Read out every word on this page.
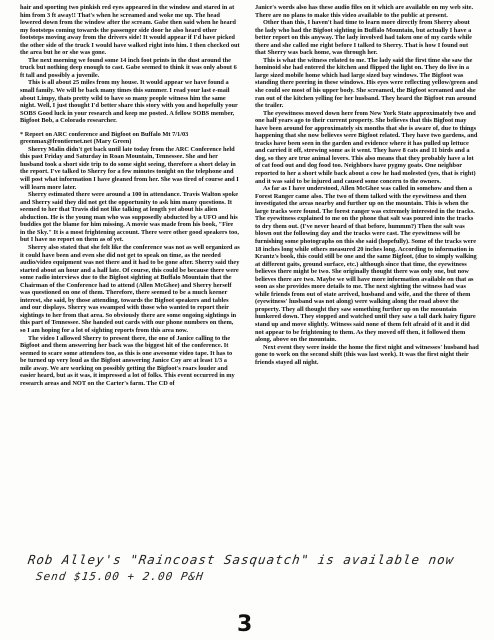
hair and sporting two pinkish red eyes appeared in the window and stared in at him from 3 ft away!! That's when he screamed and woke me up. The head lowered down from the window after the scream. Gabe then said when he heard my footsteps coming towards the passenger side door he also heard other footsteps moving away from the drivers side! It would appear if I'd have picked the other side of the truck I would have walked right into him. I then checked out the area but he or she was gone.

The next morning we found some 14 inch foot prints in the dust around the truck but nothing deep enough to cast. Gabe seemed to think it was only about 6 ft tall and possibly a juvenile.

This is all about 25 miles from my house. It would appear we have found a small family. We will be back many times this summer. I read your last e-mail about Limpy, thats pretty wild to have so many people witness him the same night. Well, I just thought I'd better share this story with you and hopefully your SOBS Good luck in your research and keep me posted. A fellow SOBS member, Bigfoot Bob, a Colorado researcher.

* Report on ARC conference and Bigfoot on Buffalo Mt 7/1/03 greenmax@frontiernet.net (Mary Green)

Sherry Malin didn't get back until late today from the ARC Conference held this past Friday and Saturday in Roan Mountain, Tennessee. She and her husband took a short side trip to do some sight seeing, therefore a short delay in the report. I've talked to Sherry for a few minutes tonight on the telephone and will post what information I have gleaned from her. She was tired of course and I will learn more later.

Sherry estimated there were around a 100 in attendance. Travis Walton spoke and Sherry said they did not get the opportunity to ask him many questions. It seemed to her that Travis did not like talking at length yet about his alien abduction. He is the young man who was supposedly abducted by a UFO and his buddies got the blame for him missing. A movie was made from his book, "Fire in the Sky." It is a most frightening account. There were other good speakers too, but I have no report on them as of yet.

Sherry also stated that she felt like the conference was not as well organized as it could have been and even she did not get to speak on time, as the needed audio/video equipment was not there and it had to be gone after. Sherry said they started about an hour and a half late. Of course, this could be because there were some radio interviews due to the Bigfoot sighting at Buffalo Mountain that the Chairman of the Conference had to attend (Allen McGhee) and Sherry herself was questioned on one of them. Therefore, there seemed to be a much keener interest, she said, by those attending, towards the Bigfoot speakers and tables and our displays. Sherry was swamped with those who wanted to report their sightings to her from that area. So obviously there are some ongoing sightings in this part of Tennessee. She handed out cards with our phone numbers on them, so I am hoping for a lot of sighting reports from this area now.

The video I allowed Sherry to present there, the one of Janice calling to the Bigfoot and them answering her back was the biggest hit of the conference. It seemed to scare some attendees too, as this is one awesome video tape. It has to be turned up very loud as the Bigfoot answering Janice Coy are at least 1/3 a mile away. We are working on possibly getting the Bigfoot's roars louder and easier heard, but as it was, it impressed a lot of folks. This event occurred in my research areas and NOT on the Carter's farm. The CD of

Janice's words also has these audio files on it which are available on my web site. There are no plans to make this video available to the public at present.

Other than this, I haven't had time to learn more directly from Sherry about the lady who had the Bigfoot sighting in Buffalo Mountain, but actually I have a better report on this anyway. The lady involved had taken one of my cards while there and she called me right before I talked to Sherry. That is how I found out that Sherry was back home, was through her.

This is what the witness related to me. The lady said the first time she saw the hominoid she had entered the kitchen and flipped the light on. They do live in a large sized mobile home which had large sized bay windows. The Bigfoot was standing there peering in these windows. His eyes were reflecting yellow/green and she could see most of his upper body. She screamed, the Bigfoot screamed and she ran out of the kitchen yelling for her husband. They heard the Bigfoot run around the trailer.

The eyewitness moved down here from New York State approximately two and one half years ago to their current property. She believes that this Bigfoot may have been around for approximately six months that she is aware of, due to things happening that she now believes were Bigfoot related. They have two gardens, and tracks have been seen in the garden and evidence where it has pulled up lettuce and carried it off, strewing some as it went. They have 8 cats and 11 birds and a dog, so they are true animal lovers. This also means that they probably have a lot of cat food out and dog food too. Neighbors have pygmy goats. One neighbor reported to her a short while back about a cow he had molested (yes, that is right) and it was said to be injured and caused some concern to the owners.

As far as I have understood, Allen McGhee was called in somehow and then a Forest Ranger came also. The two of them talked with the eyewitness and then investigated the areas nearby and further up on the mountain. This is when the large tracks were found. The forest ranger was extremely interested in the tracks. The eyewitness explained to me on the phone that salt was poured into the tracks to dry them out. (I've never heard of that before, hummm?) Then the salt was blown out the following day and the tracks were cast. The eyewitness will be furnishing some photographs on this she said (hopefully). Some of the tracks were 18 inches long while others measured 20 inches long. According to information in Krantz's book, this could still be one and the same Bigfoot, (due to simply walking at different gaits, ground surface, etc.) although since that time, the eyewitness believes there might be two. She originally thought there was only one, but now believes there are two. Maybe we will have more information available on that as soon as she provides more details to me. The next sighting the witness had was while friends from out of state arrived, husband and wife, and the three of them (eyewitness' husband was not along) were walking along the road above the property. They all thought they saw something further up on the mountain hunkered down. They stopped and watched until they saw a tall dark hairy figure stand up and move slightly. Witness said none of them felt afraid of it and it did not appear to be frightening to them. As they moved off then, it followed them along, above on the mountain.

Next event they were inside the home the first night and witnesses' husband had gone to work on the second shift (this was last week). It was the first night their friends stayed all night.

Rob Alley's "Raincoast Sasquatch" is available now
Send $15.00 + 2.00 P&H
3
